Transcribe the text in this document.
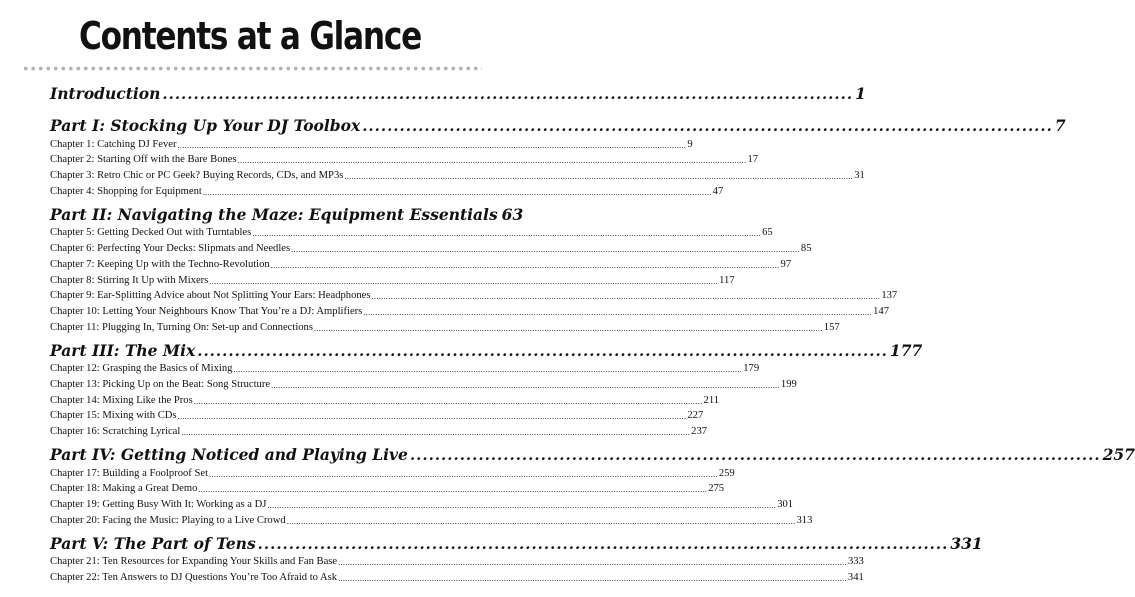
Contents at a Glance
Introduction ............................................................................................................... 1
Part I: Stocking Up Your DJ Toolbox ............................................................................................................... 7
Chapter 1: Catching DJ Fever .................................................................................................................................................................................................................... 9
Chapter 2: Starting Off with the Bare Bones .................................................................................................................................................................................................................... 17
Chapter 3: Retro Chic or PC Geek? Buying Records, CDs, and MP3s .................................................................................................................................................................................................................... 31
Chapter 4: Shopping for Equipment .................................................................................................................................................................................................................... 47
Part II: Navigating the Maze: Equipment Essentials 63
Chapter 5: Getting Decked Out with Turntables .................................................................................................................................................................................................................... 65
Chapter 6: Perfecting Your Decks: Slipmats and Needles .................................................................................................................................................................................................................... 85
Chapter 7: Keeping Up with the Techno-Revolution .................................................................................................................................................................................................................... 97
Chapter 8: Stirring It Up with Mixers .................................................................................................................................................................................................................... 117
Chapter 9: Ear-Splitting Advice about Not Splitting Your Ears: Headphones .................................................................................................................................................................................................................... 137
Chapter 10: Letting Your Neighbours Know That You’re a DJ: Amplifiers .................................................................................................................................................................................................................... 147
Chapter 11: Plugging In, Turning On: Set-up and Connections .................................................................................................................................................................................................................... 157
Part III: The Mix ............................................................................................................... 177
Chapter 12: Grasping the Basics of Mixing .................................................................................................................................................................................................................... 179
Chapter 13: Picking Up on the Beat: Song Structure .................................................................................................................................................................................................................... 199
Chapter 14: Mixing Like the Pros .................................................................................................................................................................................................................... 211
Chapter 15: Mixing with CDs .................................................................................................................................................................................................................... 227
Chapter 16: Scratching Lyrical .................................................................................................................................................................................................................... 237
Part IV: Getting Noticed and Playing Live ............................................................................................................... 257
Chapter 17: Building a Foolproof Set .................................................................................................................................................................................................................... 259
Chapter 18: Making a Great Demo .................................................................................................................................................................................................................... 275
Chapter 19: Getting Busy With It: Working as a DJ .................................................................................................................................................................................................................... 301
Chapter 20: Facing the Music: Playing to a Live Crowd .................................................................................................................................................................................................................... 313
Part V: The Part of Tens ............................................................................................................... 331
Chapter 21: Ten Resources for Expanding Your Skills and Fan Base .................................................................................................................................................................................................................... 333
Chapter 22: Ten Answers to DJ Questions You’re Too Afraid to Ask .................................................................................................................................................................................................................... 341
